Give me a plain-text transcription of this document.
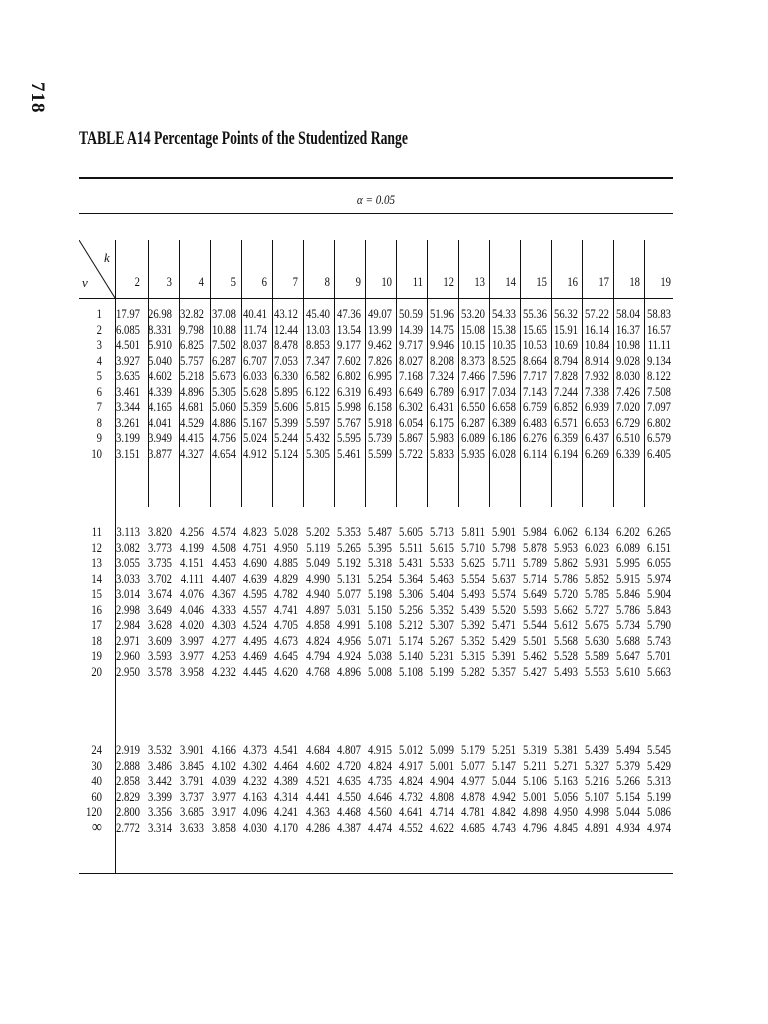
718
TABLE A14 Percentage Points of the Studentized Range
α = 0.05
k
ν	2	3	4	5	6	7	8	9	10	11	12	13	14	15	16	17	18	19
1 17.97 26.98 32.82 37.08 40.41 43.12 45.40 47.36 49.07 50.59 51.96 53.20 54.33 55.36 56.32 57.22 58.04 58.83
2 6.085 8.331 9.798 10.88 11.74 12.44 13.03 13.54 13.99 14.39 14.75 15.08 15.38 15.65 15.91 16.14 16.37 16.57
3 4.501 5.910 6.825 7.502 8.037 8.478 8.853 9.177 9.462 9.717 9.946 10.15 10.35 10.53 10.69 10.84 10.98 11.11
4 3.927 5.040 5.757 6.287 6.707 7.053 7.347 7.602 7.826 8.027 8.208 8.373 8.525 8.664 8.794 8.914 9.028 9.134
5 3.635 4.602 5.218 5.673 6.033 6.330 6.582 6.802 6.995 7.168 7.324 7.466 7.596 7.717 7.828 7.932 8.030 8.122
6 3.461 4.339 4.896 5.305 5.628 5.895 6.122 6.319 6.493 6.649 6.789 6.917 7.034 7.143 7.244 7.338 7.426 7.508
7 3.344 4.165 4.681 5.060 5.359 5.606 5.815 5.998 6.158 6.302 6.431 6.550 6.658 6.759 6.852 6.939 7.020 7.097
8 3.261 4.041 4.529 4.886 5.167 5.399 5.597 5.767 5.918 6.054 6.175 6.287 6.389 6.483 6.571 6.653 6.729 6.802
9 3.199 3.949 4.415 4.756 5.024 5.244 5.432 5.595 5.739 5.867 5.983 6.089 6.186 6.276 6.359 6.437 6.510 6.579
10 3.151 3.877 4.327 4.654 4.912 5.124 5.305 5.461 5.599 5.722 5.833 5.935 6.028 6.114 6.194 6.269 6.339 6.405
11	3.113 3.820 4.256 4.574 4.823 5.028 5.202 5.353 5.487 5.605 5.713 5.811 5.901 5.984 6.062 6.134 6.202 6.265
12 3.082 3.773 4.199 4.508 4.751 4.950 5.119 5.265 5.395 5.511 5.615 5.710 5.798 5.878 5.953 6.023 6.089 6.151
13 3.055 3.735 4.151 4.453 4.690 4.885 5.049 5.192 5.318 5.431 5.533 5.625 5.711 5.789 5.862 5.931 5.995 6.055
14 3.033 3.702 4.111 4.407 4.639 4.829 4.990 5.131 5.254 5.364 5.463 5.554 5.637 5.714 5.786 5.852 5.915 5.974
15 3.014 3.674 4.076 4.367 4.595 4.782 4.940 5.077 5.198 5.306 5.404 5.493 5.574 5.649 5.720 5.785 5.846 5.904
16 2.998 3.649 4.046 4.333 4.557 4.741 4.897 5.031 5.150 5.256 5.352 5.439 5.520 5.593 5.662 5.727 5.786 5.843
17 2.984 3.628 4.020 4.303 4.524 4.705 4.858 4.991 5.108 5.212 5.307 5.392 5.471 5.544 5.612 5.675 5.734 5.790
18 2.971 3.609 3.997 4.277 4.495 4.673 4.824 4.956 5.071 5.174 5.267 5.352 5.429 5.501 5.568 5.630 5.688 5.743
19 2.960 3.593 3.977 4.253 4.469 4.645 4.794 4.924 5.038 5.140 5.231 5.315 5.391 5.462 5.528 5.589 5.647 5.701
20 2.950 3.578 3.958 4.232 4.445 4.620 4.768 4.896 5.008 5.108 5.199 5.282 5.357 5.427 5.493 5.553 5.610 5.663
24 2.919 3.532 3.901 4.166 4.373 4.541 4.684 4.807 4.915 5.012 5.099 5.179 5.251 5.319 5.381 5.439 5.494 5.545
30 2.888 3.486 3.845 4.102 4.302 4.464 4.602 4.720 4.824 4.917 5.001 5.077 5.147 5.211 5.271 5.327 5.379 5.429
40 2.858 3.442 3.791 4.039 4.232 4.389 4.521 4.635 4.735 4.824 4.904 4.977 5.044 5.106 5.163 5.216 5.266 5.313
60 2.829 3.399 3.737 3.977 4.163 4.314 4.441 4.550 4.646 4.732 4.808 4.878 4.942 5.001 5.056 5.107 5.154 5.199
120 2.800 3.356 3.685 3.917 4.096 4.241 4.363 4.468 4.560 4.641 4.714 4.781 4.842 4.898 4.950 4.998 5.044 5.086
∞ 2.772 3.314 3.633 3.858 4.030 4.170 4.286 4.387 4.474 4.552 4.622 4.685 4.743 4.796 4.845 4.891 4.934 4.974
